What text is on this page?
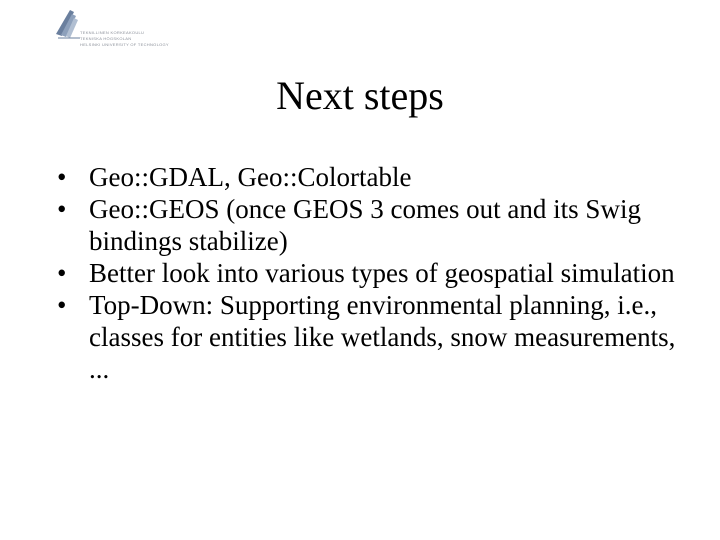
TEKNILLINEN KORKEAKOULU
TEKNISKA HÖGSKOLAN
HELSINKI UNIVERSITY OF TECHNOLOGY
Next steps
• Geo::GDAL, Geo::Colortable
• Geo::GEOS (once GEOS 3 comes out and its Swig bindings stabilize)
• Better look into various types of geospatial simulation
• Top-Down: Supporting environmental planning, i.e., classes for entities like wetlands, snow measurements, ...
